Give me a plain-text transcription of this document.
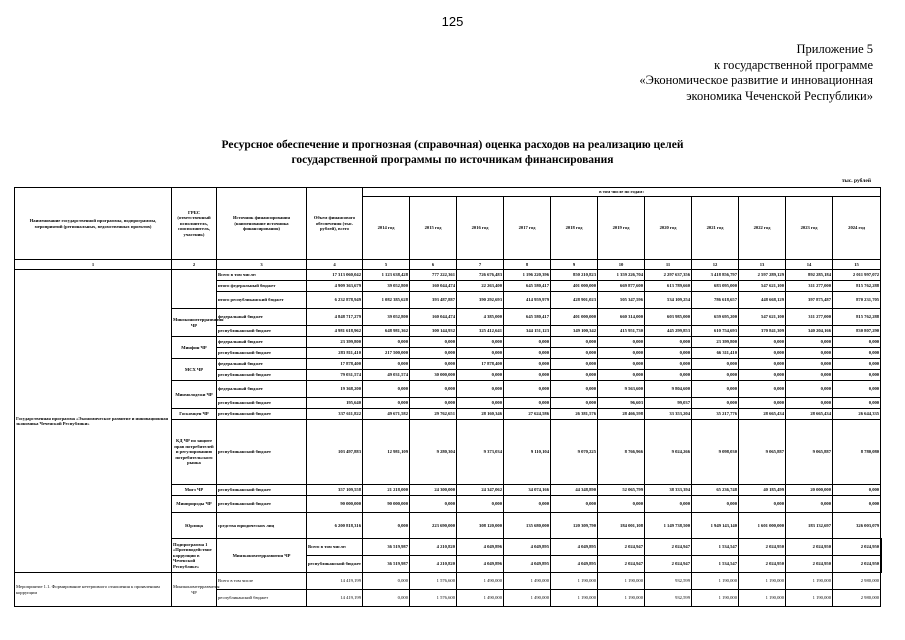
125
Приложение 5
к государственной программе
«Экономическое развитие и инновационная
экономика Чеченской Республики»
Ресурсное обеспечение и прогнозная (справочная) оценка расходов на реализацию целей
государственной программы по источникам финансирования
тыс. рублей
Наименование государственной программы, подпрограммы, мероприятий (региональных, ведомственных проектов)	ГРБС (ответственный исполнитель, соисполнитель, участник)	Источник финансирования (наименование источника финансирования)	Объем финансового обеспечения (тыс. рублей), всего	в том числе по годам:											
				2014 год	2015 год	2016 год	2017 год	2018 год	2019 год	2020 год	2021 год	2022 год	2023 год	2024 год	
1	2	3	4	5	6	7	8	9	10	11	12	13	14	15	
Государственная программа «Экономическое развитие и инновационная экономика Чеченской Республики»		Всего в том числе:	17 313 060,042	1 123 638,428	777 222,361	726 676,483	1 196 220,396	850 210,823	1 359 226,704	2 297 637,356	3 418 856,797	2 597 289,129	892 285,184	2 011 997,072	
		итого федеральный бюджет	4 909 363,679	39 052,800	160 044,474	22 263,400	645 580,417	401 000,000	669 877,600	613 789,660	683 095,000	547 621,100	311 277,000	815 762,288	
		итого республиканский бюджет	6 232 878,949	1 082 385,628	393 487,887	390 292,693	414 959,979	428 901,023	505 347,596	534 109,254	786 618,657	448 668,129	397 875,487	870 231,705	
	Минэкономтерразвития ЧР	федеральный бюджет	4 848 717,279	39 052,800	160 044,474	4 385,000	645 580,417	401 000,000	660 314,000	603 985,000	659 695,200	547 621,100	311 277,000	815 762,288	
		республиканский бюджет	4 981 618,962	648 981,362	300 144,932	325 412,641	344 151,123	349 100,342	415 951,730	445 299,853	610 754,693	370 841,309	340 204,166	830 807,290	
	Минфин ЧР	федеральный бюджет	23 399,800	0,000	0,000	0,000	0,000	0,000	0,000	0,000	23 399,800	0,000	0,000	0,000	
		республиканский бюджет	283 811,410	217 500,000	0,000	0,000	0,000	0,000	0,000	0,000	66 311,410	0,000	0,000	0,000	
	МСХ ЧР	федеральный бюджет	17 878,400	0,000	0,000	17 878,400	0,000	0,000	0,000	0,000	0,000	0,000	0,000	0,000	
		республиканский бюджет	79 031,574	49 031,574	30 000,000	0,000	0,000	0,000	0,000	0,000	0,000	0,000	0,000	0,000	
	Минмолодежи ЧР	федеральный бюджет	19 368,200	0,000	0,000	0,000	0,000	0,000	9 563,600	9 804,600	0,000	0,000	0,000	0,000	
		республиканский бюджет	195,640	0,000	0,000	0,000	0,000	0,000	96,603	99,037	0,000	0,000	0,000	0,000	
	Госкомцен ЧР	республиканский бюджет	337 611,822	49 671,582	29 762,651	28 160,346	27 624,586	26 381,576	28 466,598	33 353,204	35 217,776	28 665,434	28 665,434	26 644,335	
	КД ЧР по защите прав потребителей и регулированию потребительского рынка	республиканский бюджет	103 497,883	12 981,109	9 280,304	9 373,034	9 110,104	9 070,225	8 766,966	9 024,266	9 098,030	9 065,887	9 065,887	8 780,080	
	Мигэ ЧР	республиканский бюджет	357 109,558	21 218,000	24 300,000	24 347,062	34 074,166	44 348,890	52 065,799	38 333,394	65 236,748	40 185,499	20 000,000	0,000	
	Минприроды ЧР	республиканский бюджет	90 000,000	90 000,000	0,000	0,000	0,000	0,000	0,000	0,000	0,000	0,000	0,000	0,000	
	Юрлица	средства юридических лиц	6 200 818,316	0,000	223 690,000	308 120,000	135 680,000	120 309,790	184 001,108	1 149 738,500	1 949 143,140	1 601 000,000	183 132,697	326 003,079	
	Подпрограмма 1 «Противодействие коррупции в Чеченской Республике»	Минэкономтерразвития ЧР	Всего в том числе:	36 519,987	4 210,820	4 049,896	4 049,895	4 049,895	2 024,947	2 024,947	1 534,547	2 024,950	2 024,950	2 024,950	
			республиканский бюджет	36 519,987	4 210,820	4 049,896	4 049,895	4 049,895	2 024,947	2 024,947	1 534,547	2 024,950	2 024,950	2 024,950	
Мероприятие 1.1. Формирование нетерпимого отношения к проявлениям коррупции	Минэкономтерразвития ЧР	Всего в том числе	14 419,199	0,000	1 576,600	1 490,000	1 490,000	1 190,000	1 190,000	932,599	1 190,000	1 190,000	1 190,000	2 980,000	
		республиканский бюджет	14 419,199	0,000	1 576,600	1 490,000	1 490,000	1 190,000	1 190,000	932,599	1 190,000	1 190,000	1 190,000	2 980,000	
